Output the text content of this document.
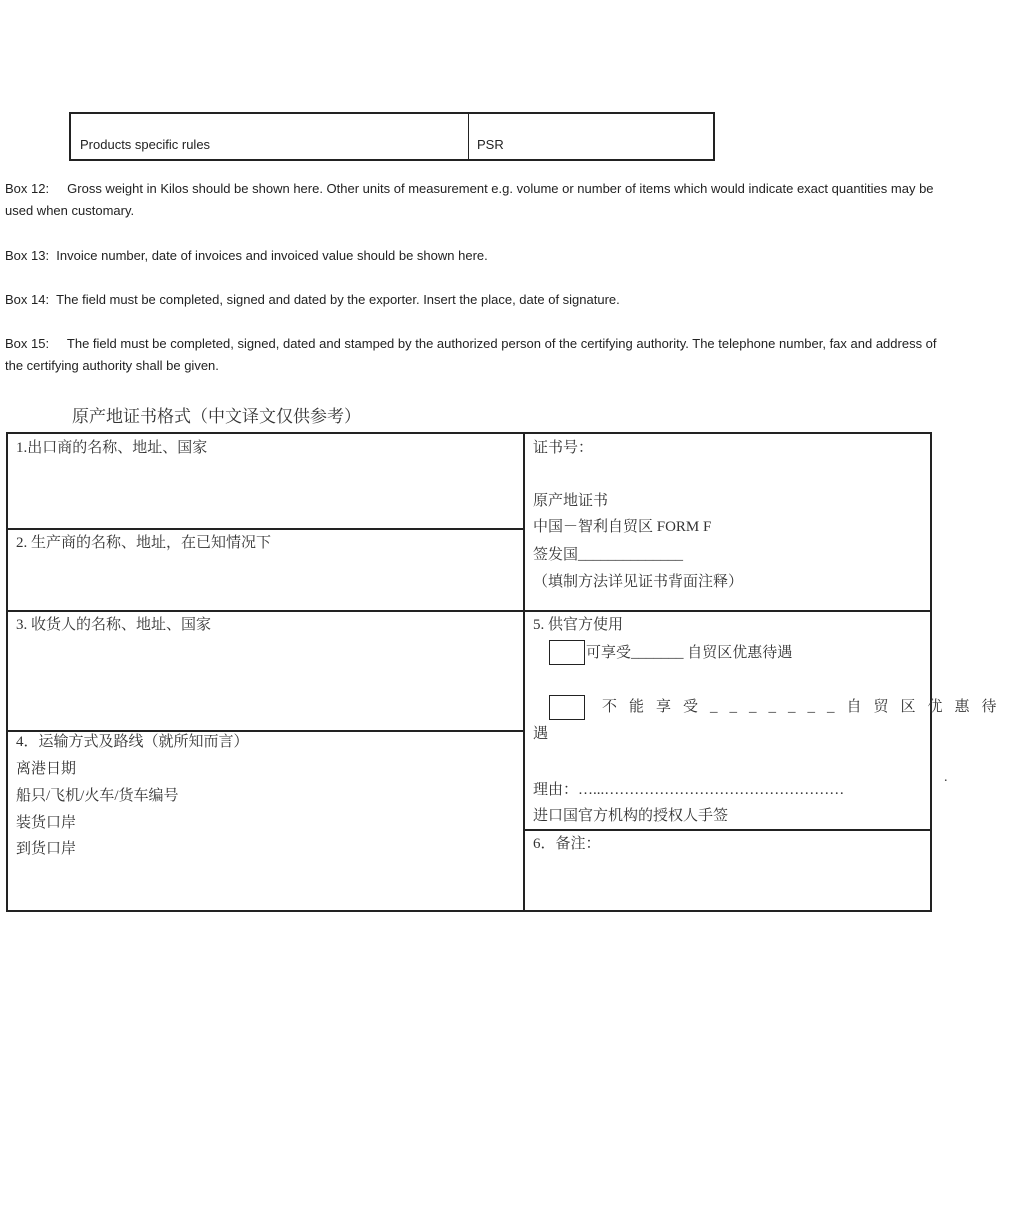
Products specific rules	PSR
Box 12:     Gross weight in Kilos should be shown here. Other units of measurement e.g. volume or number of items which would indicate exact quantities may be used when customary.
Box 13:  Invoice number, date of invoices and invoiced value should be shown here.
Box 14:  The field must be completed, signed and dated by the exporter. Insert the place, date of signature.
Box 15:     The field must be completed, signed, dated and stamped by the authorized person of the certifying authority. The telephone number, fax and address of the certifying authority shall be given.
原产地证书格式（中文译文仅供参考）
1.出口商的名称、地址、国家
2. 生产商的名称、地址，在已知情况下
3. 收货人的名称、地址、国家
4．运输方式及路线（就所知而言）
离港日期
船只/飞机/火车/货车编号
装货口岸
到货口岸
证书号：
原产地证书
中国－智利自贸区 FORM F
签发国______________
（填制方法详见证书背面注释）
5. 供官方使用
可享受_______ 自贸区优惠待遇
不能享受_______自贸区优惠待
遇
理由：…...…………………………………………
进口国官方机构的授权人手签
6．备注：
.
